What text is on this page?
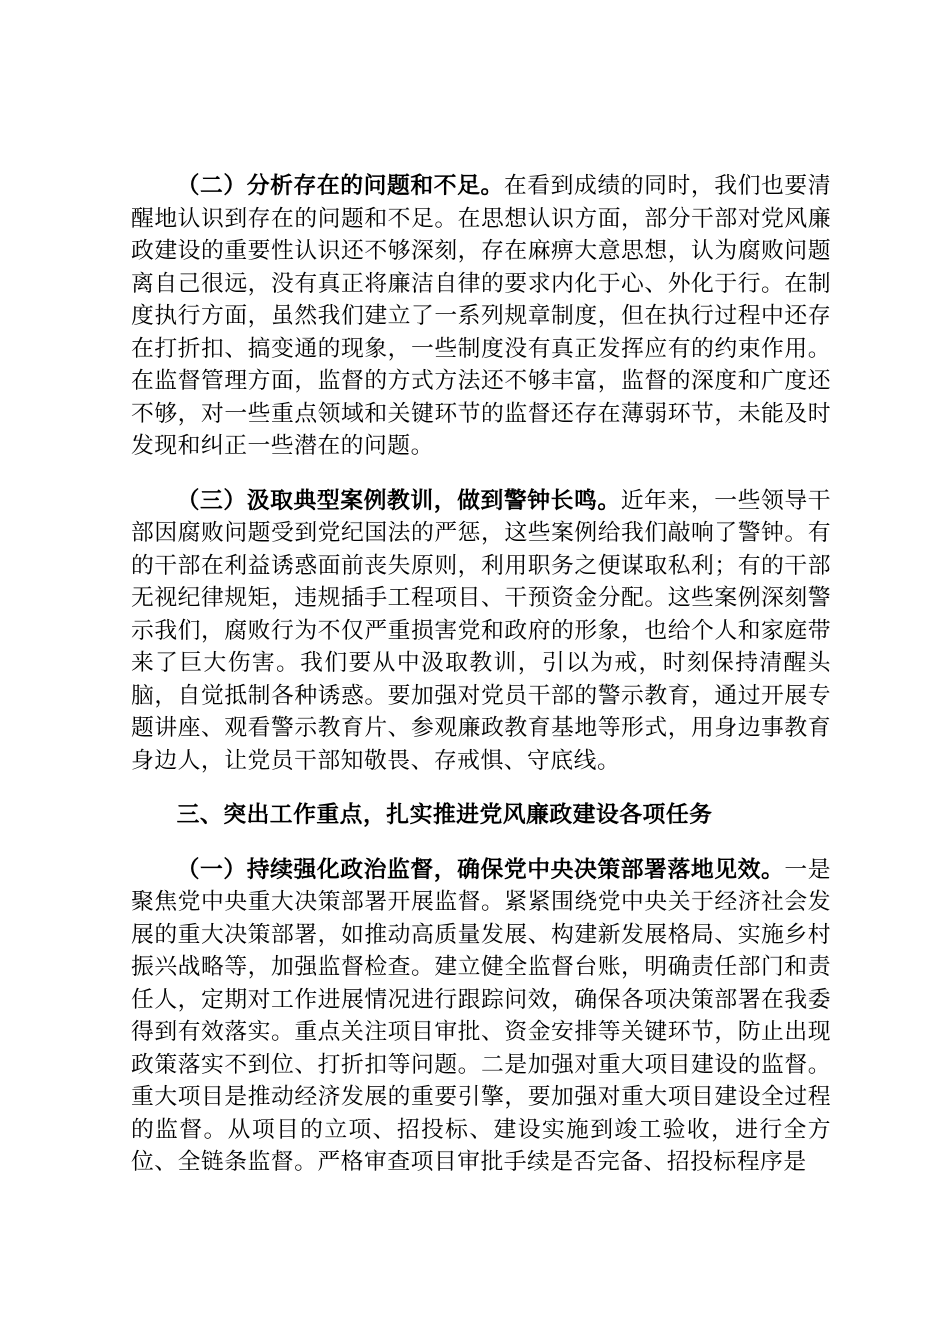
（二）分析存在的问题和不足。在看到成绩的同时，我们也要清醒地认识到存在的问题和不足。在思想认识方面，部分干部对党风廉政建设的重要性认识还不够深刻，存在麻痹大意思想，认为腐败问题离自己很远，没有真正将廉洁自律的要求内化于心、外化于行。在制度执行方面，虽然我们建立了一系列规章制度，但在执行过程中还存在打折扣、搞变通的现象，一些制度没有真正发挥应有的约束作用。在监督管理方面，监督的方式方法还不够丰富，监督的深度和广度还不够，对一些重点领域和关键环节的监督还存在薄弱环节，未能及时发现和纠正一些潜在的问题。

（三）汲取典型案例教训，做到警钟长鸣。近年来，一些领导干部因腐败问题受到党纪国法的严惩，这些案例给我们敲响了警钟。有的干部在利益诱惑面前丧失原则，利用职务之便谋取私利；有的干部无视纪律规矩，违规插手工程项目、干预资金分配。这些案例深刻警示我们，腐败行为不仅严重损害党和政府的形象，也给个人和家庭带来了巨大伤害。我们要从中汲取教训，引以为戒，时刻保持清醒头脑，自觉抵制各种诱惑。要加强对党员干部的警示教育，通过开展专题讲座、观看警示教育片、参观廉政教育基地等形式，用身边事教育身边人，让党员干部知敬畏、存戒惧、守底线。

三、突出工作重点，扎实推进党风廉政建设各项任务

（一）持续强化政治监督，确保党中央决策部署落地见效。一是聚焦党中央重大决策部署开展监督。紧紧围绕党中央关于经济社会发展的重大决策部署，如推动高质量发展、构建新发展格局、实施乡村振兴战略等，加强监督检查。建立健全监督台账，明确责任部门和责任人，定期对工作进展情况进行跟踪问效，确保各项决策部署在我委得到有效落实。重点关注项目审批、资金安排等关键环节，防止出现政策落实不到位、打折扣等问题。二是加强对重大项目建设的监督。重大项目是推动经济发展的重要引擎，要加强对重大项目建设全过程的监督。从项目的立项、招投标、建设实施到竣工验收，进行全方位、全链条监督。严格审查项目审批手续是否完备、招投标程序是
